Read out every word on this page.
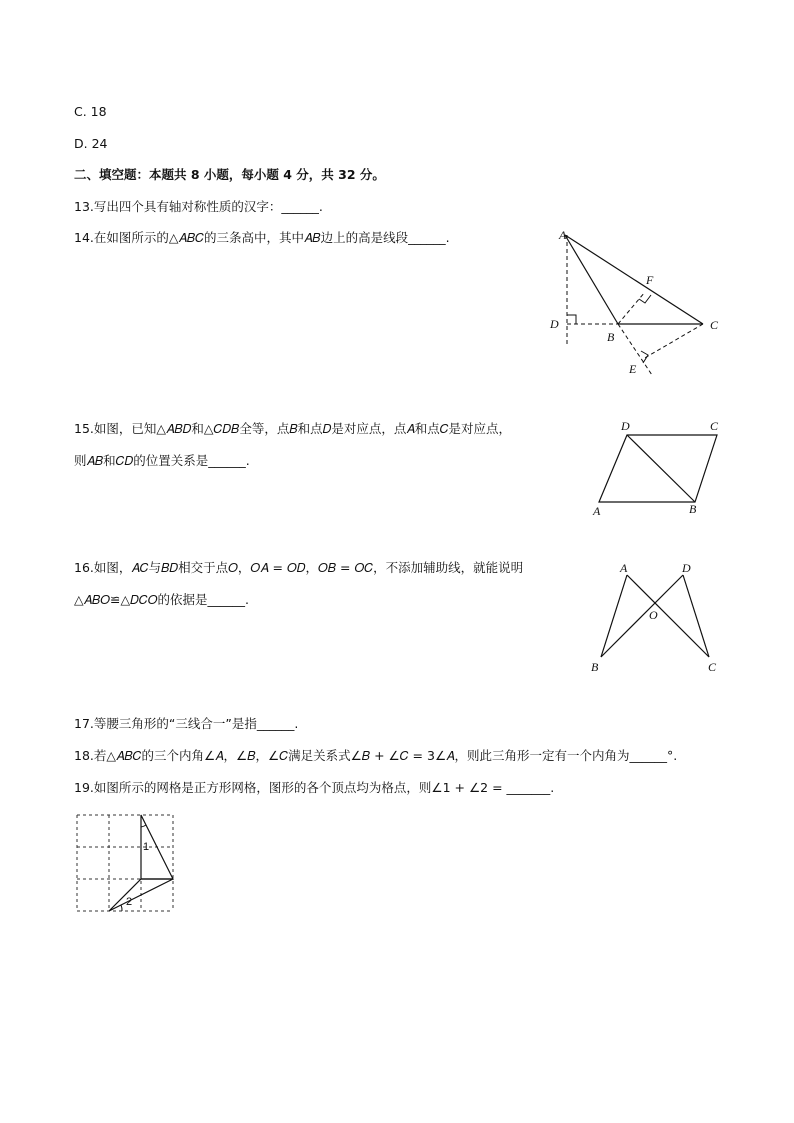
C. 18
D. 24
二、填空题：本题共 8 小题，每小题 4 分，共 32 分。
13.写出四个具有轴对称性质的汉字：______.
14.在如图所示的△𝐴𝐵𝐶的三条高中，其中𝐴𝐵边上的高是线段______.	A
F
D
B
C
E
15.如图，已知△𝐴𝐵𝐷和△𝐶𝐷𝐵全等，点𝐵和点𝐷是对应点，点𝐴和点𝐶是对应点，
则𝐴𝐵和𝐶𝐷的位置关系是______.
D	C
A	B
16.如图，𝐴𝐶与𝐵𝐷相交于点𝑂，𝑂𝐴 = 𝑂𝐷，𝑂𝐵 = 𝑂𝐶，不添加辅助线，就能说明
△𝐴𝐵𝑂≌△𝐷𝐶𝑂的依据是______.
A	D
O
B	C
17.等腰三角形的“三线合一”是指______.
18.若△𝐴𝐵𝐶的三个内角∠𝐴，∠𝐵，∠𝐶满足关系式∠𝐵 + ∠𝐶 = 3∠𝐴，则此三角形一定有一个内角为______°.
19.如图所示的网格是正方形网格，图形的各个顶点均为格点，则∠1 + ∠2 = _______.
1
2
